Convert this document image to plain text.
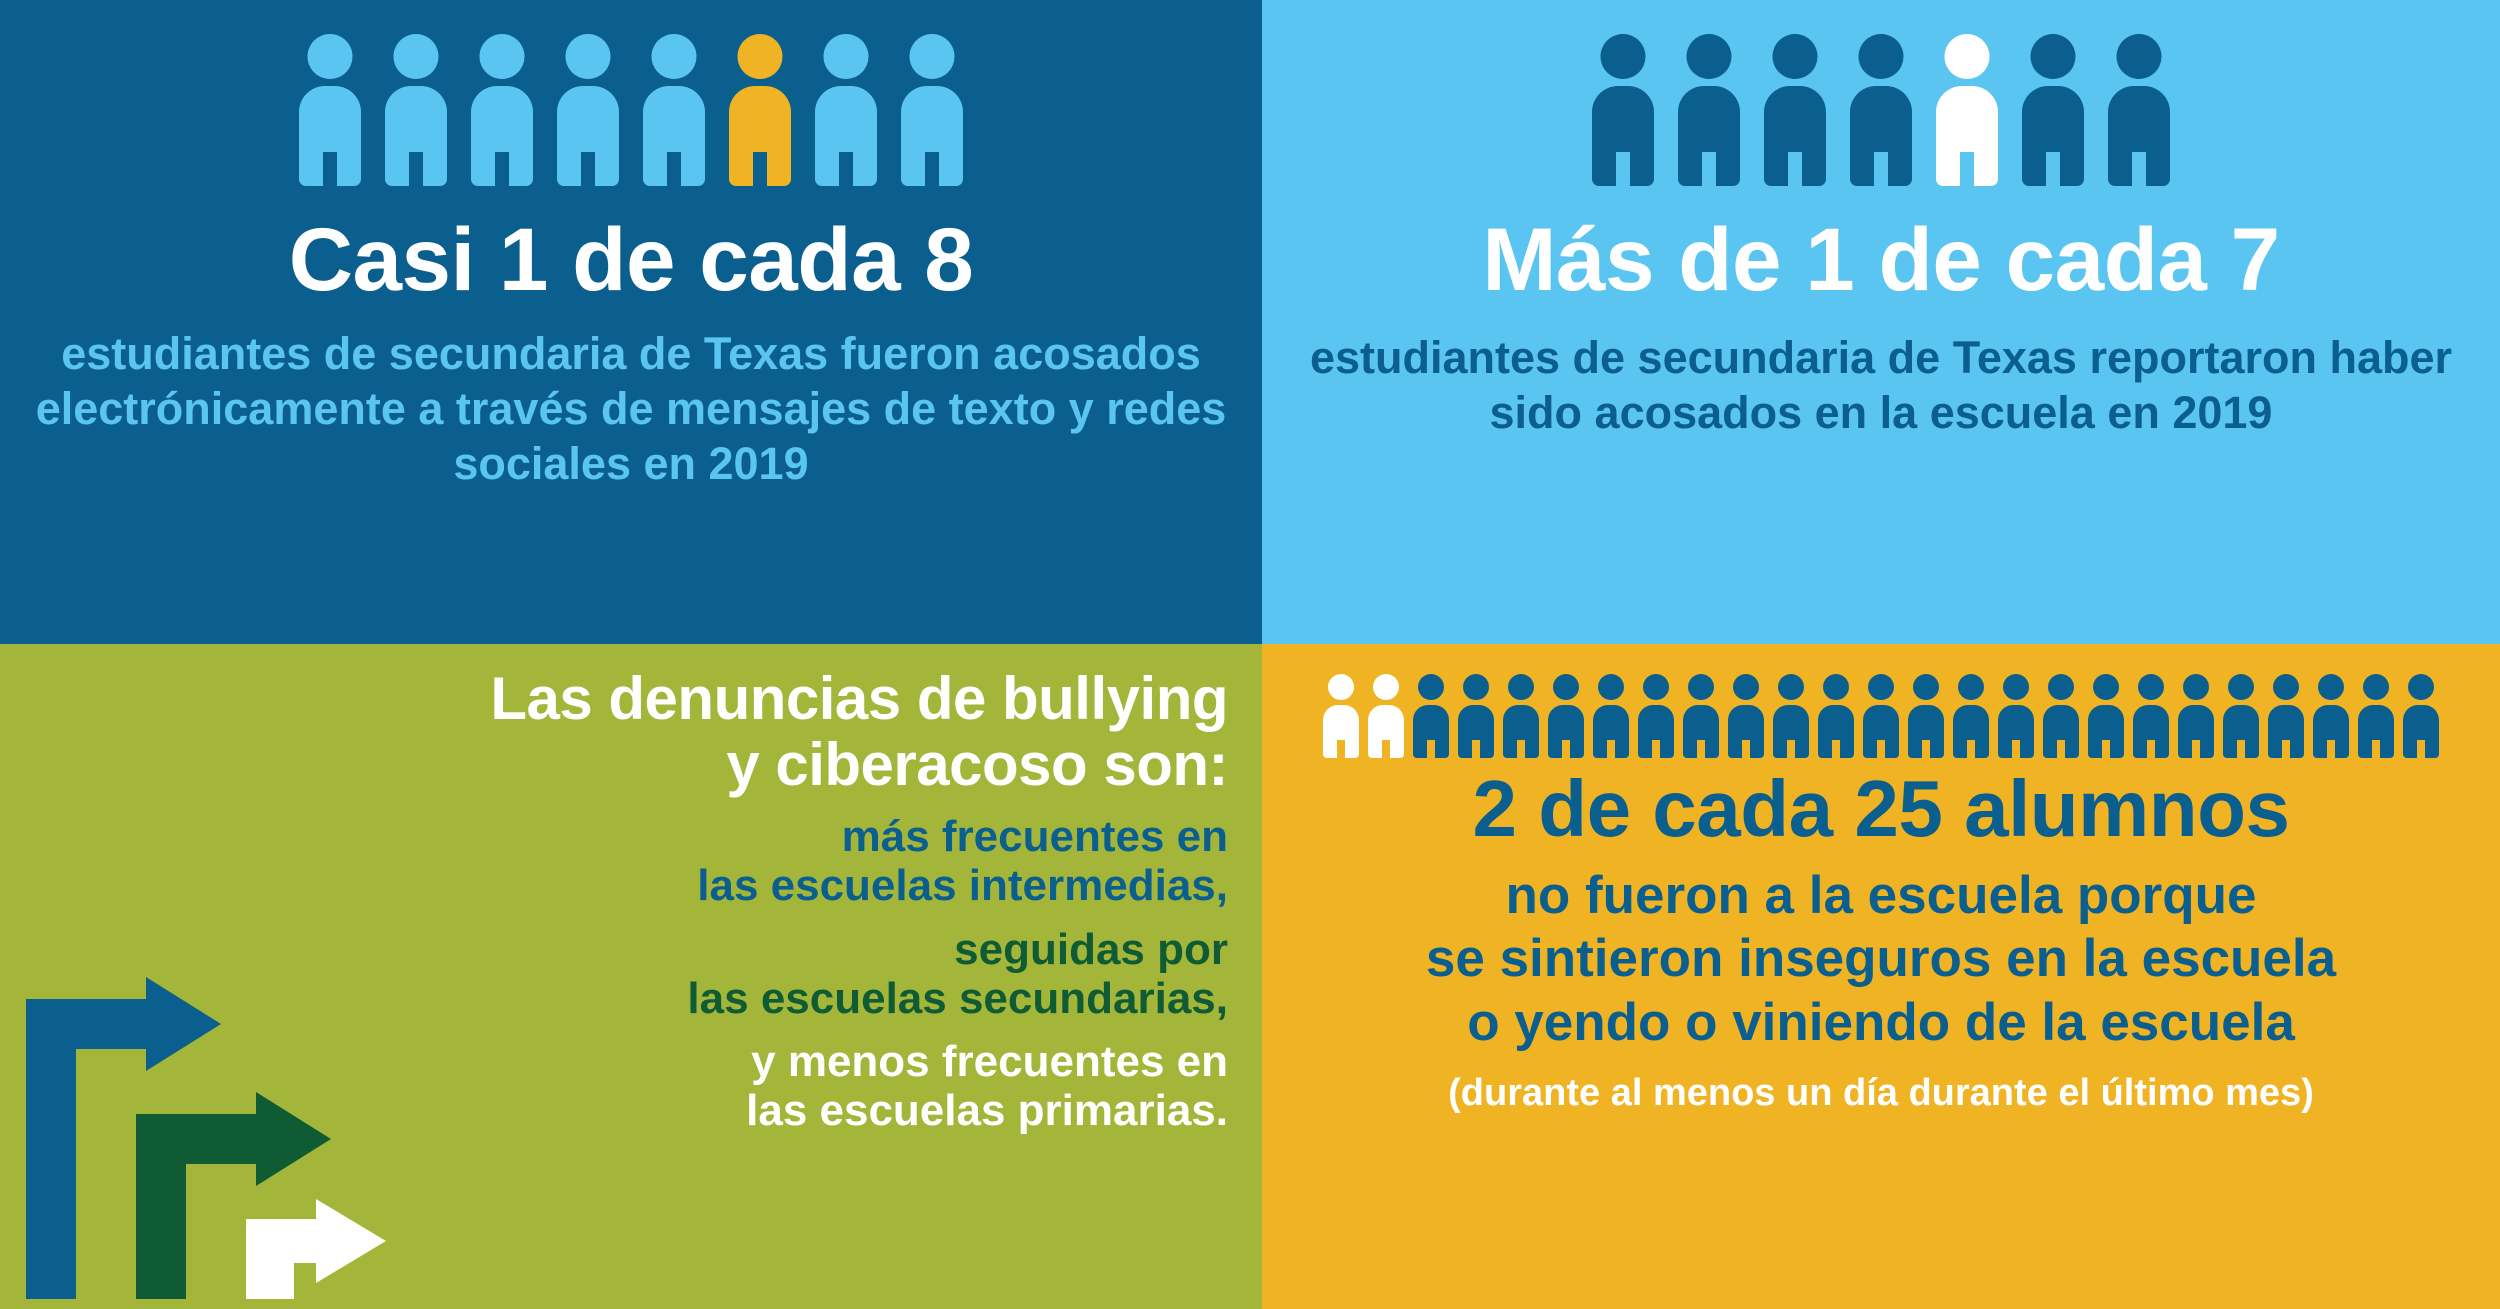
Casi 1 de cada 8
estudiantes de secundaria de Texas fueron acosados electrónicamente a través de mensajes de texto y redes sociales en 2019
Más de 1 de cada 7
estudiantes de secundaria de Texas reportaron haber sido acosados en la escuela en 2019
Las denuncias de bullying
y ciberacoso son:
más frecuentes en
las escuelas intermedias,
seguidas por
las escuelas secundarias,
y menos frecuentes en
las escuelas primarias.
2 de cada 25 alumnos
no fueron a la escuela porque
se sintieron inseguros en la escuela
o yendo o viniendo de la escuela
(durante al menos un día durante el último mes)
